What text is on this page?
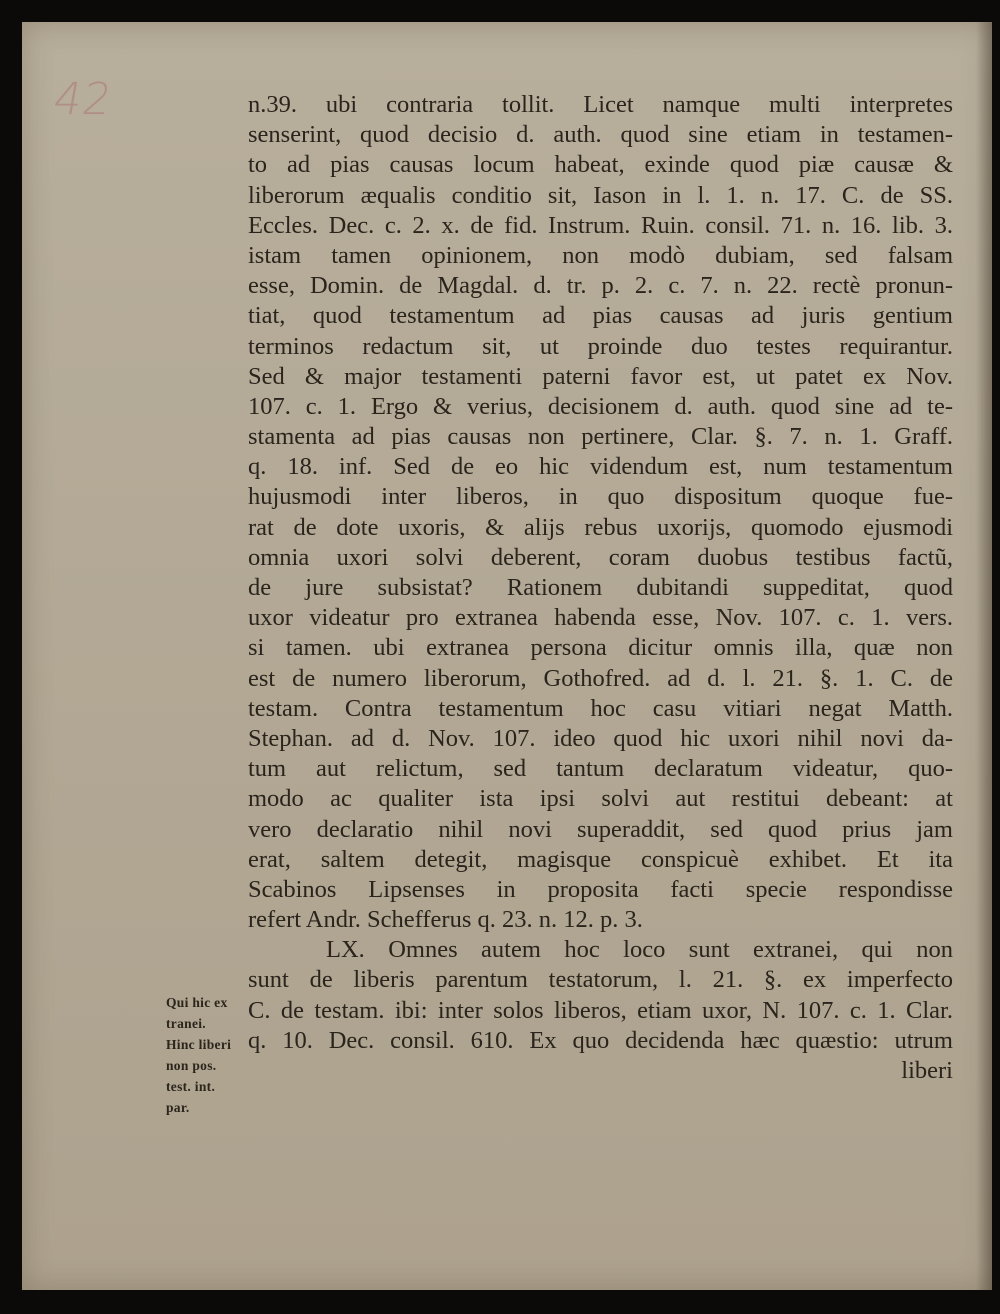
42	n.39. ubi contraria tollit. Licet namque multi interpretes
senserint, quod decisio d. auth. quod sine etiam in testamen-
to ad pias causas locum habeat, exinde quod piæ causæ &
liberorum æqualis conditio sit, Iason in l. 1. n. 17. C. de SS.
Eccles. Dec. c. 2. x. de fid. Instrum. Ruin. consil. 71. n. 16. lib. 3.
istam tamen opinionem, non modò dubiam, sed falsam
esse, Domin. de Magdal. d. tr. p. 2. c. 7. n. 22. rectè pronun-
tiat, quod testamentum ad pias causas ad juris gentium
terminos redactum sit, ut proinde duo testes requirantur.
Sed & major testamenti paterni favor est, ut patet ex Nov.
107. c. 1. Ergo & verius, decisionem d. auth. quod sine ad te-
stamenta ad pias causas non pertinere, Clar. §. 7. n. 1. Graff.
q. 18. inf. Sed de eo hic videndum est, num testamentum
hujusmodi inter liberos, in quo dispositum quoque fue-
rat de dote uxoris, & alijs rebus uxorijs, quomodo ejusmodi
omnia uxori solvi deberent, coram duobus testibus factũ,
de jure subsistat? Rationem dubitandi suppeditat, quod
uxor videatur pro extranea habenda esse, Nov. 107. c. 1. vers.
si tamen. ubi extranea persona dicitur omnis illa, quæ non
est de numero liberorum, Gothofred. ad d. l. 21. §. 1. C. de
testam. Contra testamentum hoc casu vitiari negat Matth.
Stephan. ad d. Nov. 107. ideo quod hic uxori nihil novi da-
tum aut relictum, sed tantum declaratum videatur, quo-
modo ac qualiter ista ipsi solvi aut restitui debeant: at
vero declaratio nihil novi superaddit, sed quod prius jam
erat, saltem detegit, magisque conspicuè exhibet. Et ita
Scabinos Lipsenses in proposita facti specie respondisse
refert Andr. Schefferus q. 23. n. 12. p. 3.
LX. Omnes autem hoc loco sunt extranei, qui non
sunt de liberis parentum testatorum, l. 21. §. ex imperfecto
C. de testam. ibi: inter solos liberos, etiam uxor, N. 107. c. 1. Clar.
q. 10. Dec. consil. 610. Ex quo decidenda hæc quæstio: utrum
liberi
Qui hic ex
tranei.
Hinc liberi
non pos.
test. int.
par.
